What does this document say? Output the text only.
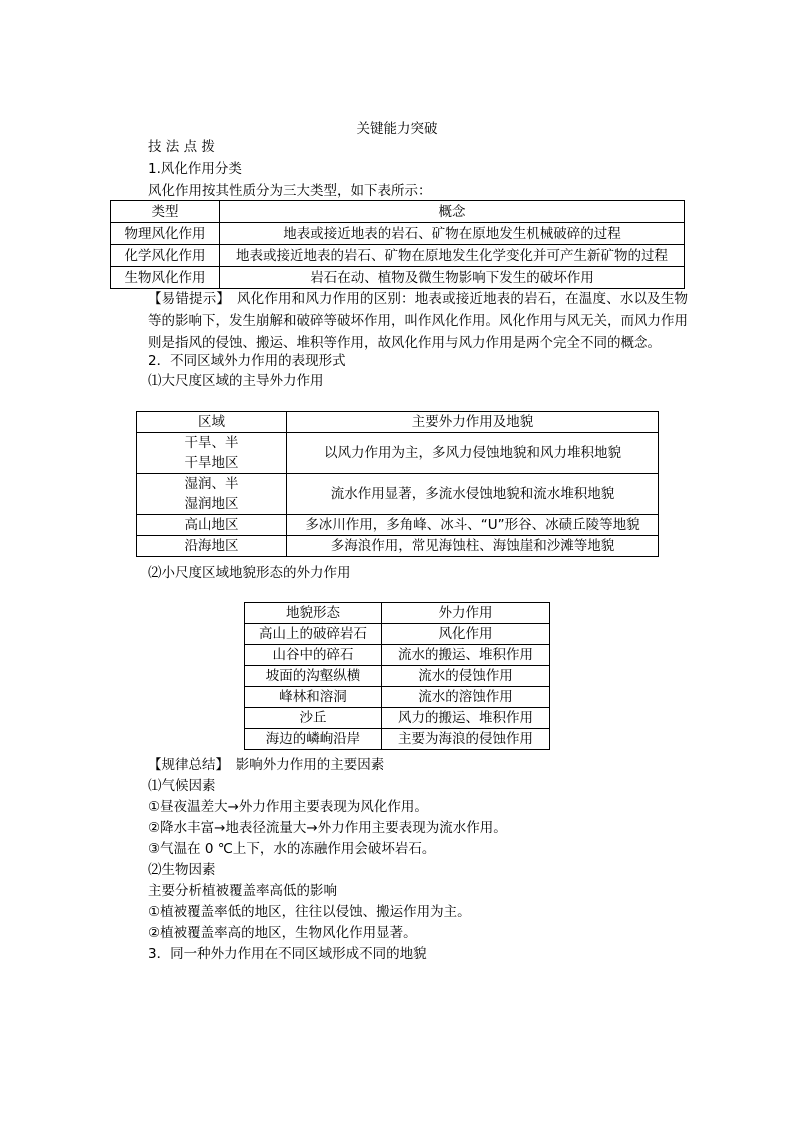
关键能力突破
技 法 点 拨
1.风化作用分类
风化作用按其性质分为三大类型，如下表所示：
类型	概念
物理风化作用	地表或接近地表的岩石、矿物在原地发生机械破碎的过程
化学风化作用	地表或接近地表的岩石、矿物在原地发生化学变化并可产生新矿物的过程
生物风化作用	岩石在动、植物及微生物影响下发生的破坏作用
【易错提示】　风化作用和风力作用的区别：地表或接近地表的岩石，在温度、水以及生物等的影响下，发生崩解和破碎等破坏作用，叫作风化作用。风化作用与风无关，而风力作用则是指风的侵蚀、搬运、堆积等作用，故风化作用与风力作用是两个完全不同的概念。
2．不同区域外力作用的表现形式
⑴大尺度区域的主导外力作用
区域	主要外力作用及地貌
干旱、半
干旱地区	以风力作用为主，多风力侵蚀地貌和风力堆积地貌
湿润、半
湿润地区	流水作用显著，多流水侵蚀地貌和流水堆积地貌
高山地区	多冰川作用，多角峰、冰斗、“U”形谷、冰碛丘陵等地貌
沿海地区	多海浪作用，常见海蚀柱、海蚀崖和沙滩等地貌
⑵小尺度区域地貌形态的外力作用
地貌形态	外力作用
高山上的破碎岩石	风化作用
山谷中的碎石	流水的搬运、堆积作用
坡面的沟壑纵横	流水的侵蚀作用
峰林和溶洞	流水的溶蚀作用
沙丘	风力的搬运、堆积作用
海边的嶙峋沿岸	主要为海浪的侵蚀作用
【规律总结】　影响外力作用的主要因素
⑴气候因素
①昼夜温差大→外力作用主要表现为风化作用。
②降水丰富→地表径流量大→外力作用主要表现为流水作用。
③气温在 0 ℃上下，水的冻融作用会破坏岩石。
⑵生物因素
主要分析植被覆盖率高低的影响
①植被覆盖率低的地区，往往以侵蚀、搬运作用为主。
②植被覆盖率高的地区，生物风化作用显著。
3．同一种外力作用在不同区域形成不同的地貌
